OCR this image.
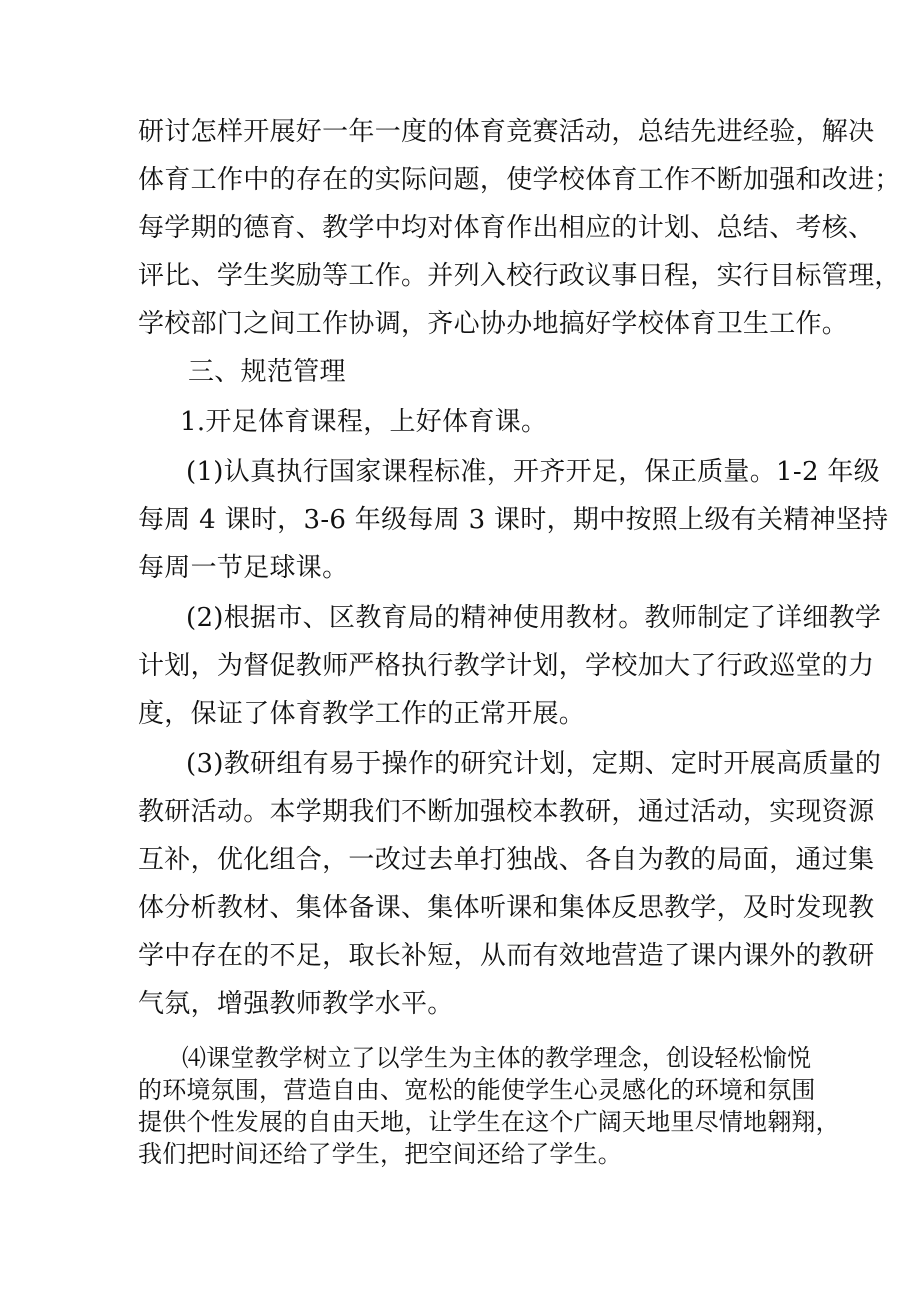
研讨怎样开展好一年一度的体育竞赛活动，总结先进经验，解决
体育工作中的存在的实际问题，使学校体育工作不断加强和改进；
每学期的德育、教学中均对体育作出相应的计划、总结、考核、
评比、学生奖励等工作。并列入校行政议事日程，实行目标管理，
学校部门之间工作协调，齐心协办地搞好学校体育卫生工作。
三、规范管理
1.开足体育课程，上好体育课。
(1)认真执行国家课程标准，开齐开足，保正质量。1-2 年级
每周 4 课时，3-6 年级每周 3 课时，期中按照上级有关精神坚持
每周一节足球课。
(2)根据市、区教育局的精神使用教材。教师制定了详细教学
计划，为督促教师严格执行教学计划，学校加大了行政巡堂的力
度，保证了体育教学工作的正常开展。
(3)教研组有易于操作的研究计划，定期、定时开展高质量的
教研活动。本学期我们不断加强校本教研，通过活动，实现资源
互补，优化组合，一改过去单打独战、各自为教的局面，通过集
体分析教材、集体备课、集体听课和集体反思教学，及时发现教
学中存在的不足，取长补短，从而有效地营造了课内课外的教研
气氛，增强教师教学水平。
⑷课堂教学树立了以学生为主体的教学理念，创设轻松愉悦
的环境氛围，营造自由、宽松的能使学生心灵感化的环境和氛围
提供个性发展的自由天地，让学生在这个广阔天地里尽情地翱翔，
我们把时间还给了学生，把空间还给了学生。
